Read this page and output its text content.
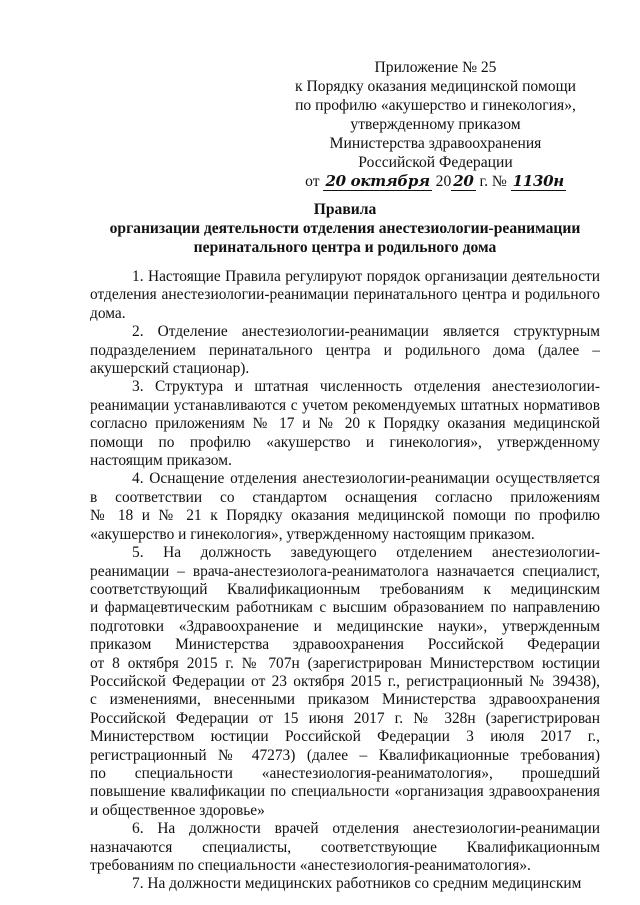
Приложение № 25
к Порядку оказания медицинской помощи
по профилю «акушерство и гинекология»,
утвержденному приказом
Министерства здравоохранения
Российской Федерации
от 20 октября 20 20 г. № 1130н
Правила
организации деятельности отделения анестезиологии-реанимации
перинатального центра и родильного дома
1. Настоящие Правила регулируют порядок организации деятельности
отделения анестезиологии-реанимации перинатального центра и родильного
дома.
2. Отделение анестезиологии-реанимации является структурным
подразделением перинатального центра и родильного дома (далее –
акушерский стационар).
3. Структура и штатная численность отделения анестезиологии-
реанимации устанавливаются с учетом рекомендуемых штатных нормативов
согласно приложениям № 17 и № 20 к Порядку оказания медицинской
помощи по профилю «акушерство и гинекология», утвержденному
настоящим приказом.
4. Оснащение отделения анестезиологии-реанимации осуществляется
в соответствии со стандартом оснащения согласно приложениям
№ 18 и № 21 к Порядку оказания медицинской помощи по профилю
«акушерство и гинекология», утвержденному настоящим приказом.
5. На должность заведующего отделением анестезиологии-
реанимации – врача-анестезиолога-реаниматолога назначается специалист,
соответствующий Квалификационным требованиям к медицинским
и фармацевтическим работникам с высшим образованием по направлению
подготовки «Здравоохранение и медицинские науки», утвержденным
приказом Министерства здравоохранения Российской Федерации
от 8 октября 2015 г. № 707н (зарегистрирован Министерством юстиции
Российской Федерации от 23 октября 2015 г., регистрационный № 39438),
с изменениями, внесенными приказом Министерства здравоохранения
Российской Федерации от 15 июня 2017 г. № 328н (зарегистрирован
Министерством юстиции Российской Федерации 3 июля 2017 г.,
регистрационный № 47273) (далее – Квалификационные требования)
по специальности «анестезиология-реаниматология», прошедший
повышение квалификации по специальности «организация здравоохранения
и общественное здоровье»
6. На должности врачей отделения анестезиологии-реанимации
назначаются специалисты, соответствующие Квалификационным
требованиям по специальности «анестезиология-реаниматология».
7. На должности медицинских работников со средним медицинским
